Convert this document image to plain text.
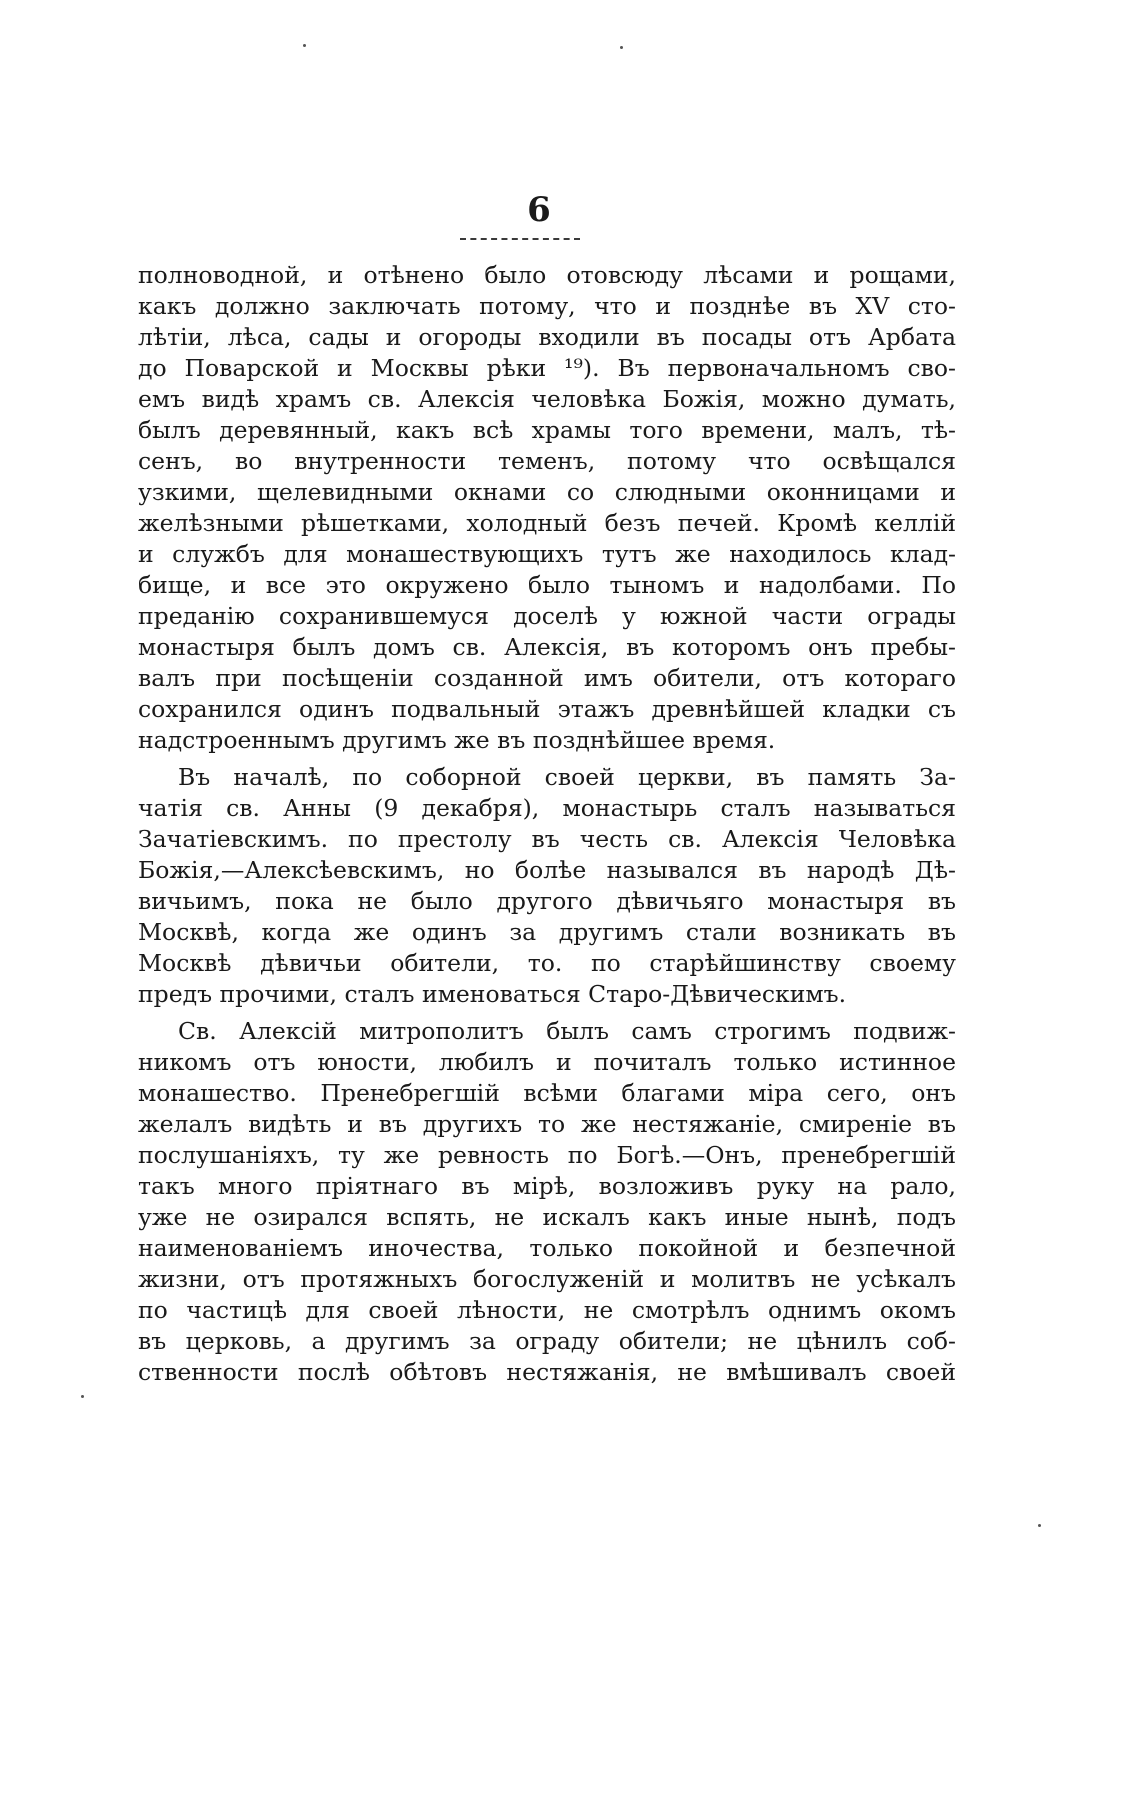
6
полноводной, и отѣнено было отовсюду лѣсами и рощами,
какъ должно заключать потому, что и позднѣе въ XV сто-
лѣтіи, лѣса, сады и огороды входили въ посады отъ Арбата
до Поварской и Москвы рѣки ¹⁹). Въ первоначальномъ сво-
емъ видѣ храмъ св. Алексія человѣка Божія, можно думать,
былъ деревянный, какъ всѣ храмы того времени, малъ, тѣ-
сенъ, во внутренности теменъ, потому что освѣщался
узкими, щелевидными окнами со слюдными оконницами и
желѣзными рѣшетками, холодный безъ печей. Кромѣ келлій
и службъ для монашествующихъ тутъ же находилось клад-
бище, и все это окружено было тыномъ и надолбами. По
преданію сохранившемуся доселѣ у южной части ограды
монастыря былъ домъ св. Алексія, въ которомъ онъ пребы-
валъ при посѣщеніи созданной имъ обители, отъ котораго
сохранился одинъ подвальный этажъ древнѣйшей кладки съ
надстроеннымъ другимъ же въ позднѣйшее время.
Въ началѣ, по соборной своей церкви, въ память За-
чатія св. Анны (9 декабря), монастырь сталъ называться
Зачатіевскимъ. по престолу въ честь св. Алексія Человѣка
Божія,—Алексѣевскимъ, но болѣе назывался въ народѣ Дѣ-
вичьимъ, пока не было другого дѣвичьяго монастыря въ
Москвѣ, когда же одинъ за другимъ стали возникать въ
Москвѣ дѣвичьи обители, то. по старѣйшинству своему
предъ прочими, сталъ именоваться Старо-Дѣвическимъ.
Св. Алексій митрополитъ былъ самъ строгимъ подвиж-
никомъ отъ юности, любилъ и почиталъ только истинное
монашество. Пренебрегшій всѣми благами міра сего, онъ
желалъ видѣть и въ другихъ то же нестяжаніе, смиреніе въ
послушаніяхъ, ту же ревность по Богѣ.—Онъ, пренебрегшій
такъ много пріятнаго въ мірѣ, возложивъ руку на рало,
уже не озирался вспять, не искалъ какъ иные нынѣ, подъ
наименованіемъ иночества, только покойной и безпечной
жизни, отъ протяжныхъ богослуженій и молитвъ не усѣкалъ
по частицѣ для своей лѣности, не смотрѣлъ однимъ окомъ
въ церковь, а другимъ за ограду обители; не цѣнилъ соб-
ственности послѣ обѣтовъ нестяжанія, не вмѣшивалъ своей
